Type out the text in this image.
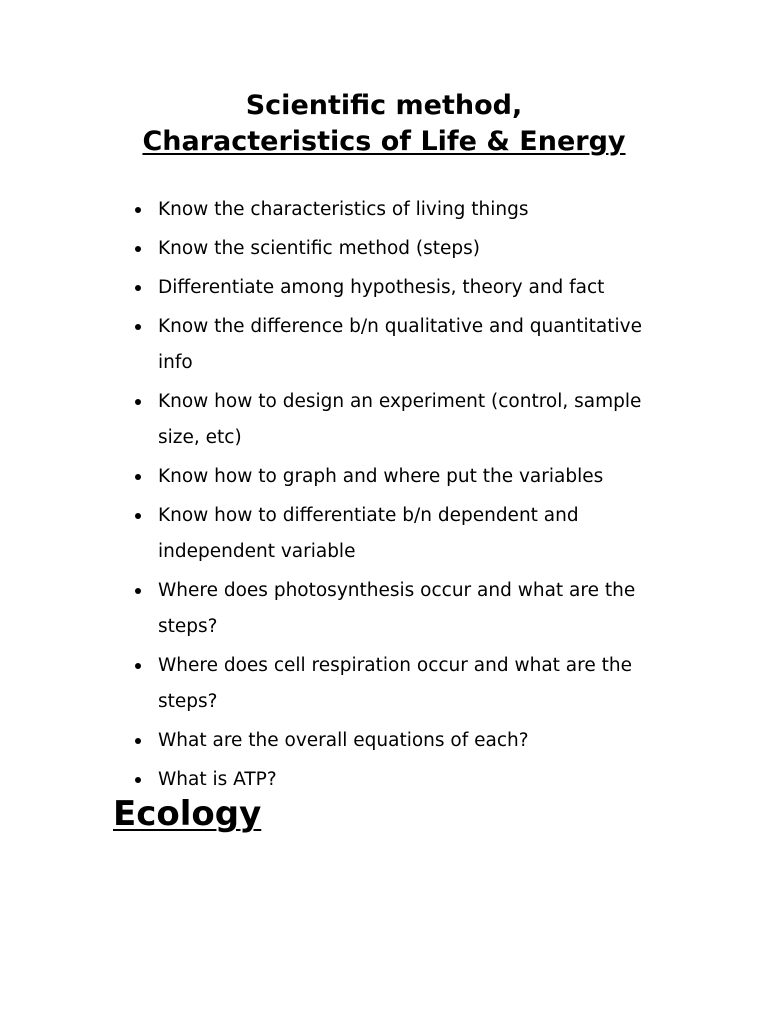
Scientific method,
Characteristics of Life & Energy
Know the characteristics of living things
Know the scientific method (steps)
Differentiate among hypothesis, theory and fact
Know the difference b/n qualitative and quantitative info
Know how to design an experiment (control, sample size, etc)
Know how to graph and where put the variables
Know how to differentiate b/n dependent and independent variable
Where does photosynthesis occur and what are the steps?
Where does cell respiration occur and what are the steps?
What are the overall equations of each?
What is ATP?
Ecology
